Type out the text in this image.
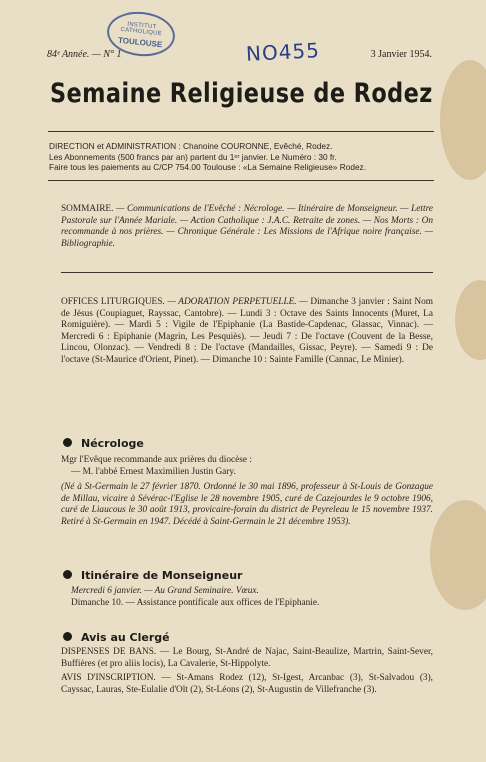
INSTITUT CATHOLIQUE
TOULOUSE	NO455
84ᵉ Année. — N° 1	3 Janvier 1954.
Semaine Religieuse de Rodez
DIRECTION et ADMINISTRATION : Chanoine COURONNE, Evêché, Rodez.
Les Abonnements (500 francs par an) partent du 1ᵉʳ janvier. Le Numéro : 30 fr.
Faire tous les paiements au C/CP 754.00 Toulouse : «La Semaine Religieuse» Rodez.
SOMMAIRE. — Communications de l'Evêché : Nécrologe. — Itinéraire de Monseigneur. — Lettre Pastorale sur l'Année Mariale. — Action Catholique : J.A.C. Retraite de zones. — Nos Morts : On recommande à nos prières. — Chronique Générale : Les Missions de l'Afrique noire française. — Bibliographie.
OFFICES LITURGIQUES. — ADORATION PERPETUELLE. — Dimanche 3 janvier : Saint Nom de Jésus (Coupiaguet, Rayssac, Cantobre). — Lundi 3 : Octave des Saints Innocents (Muret, La Romiguière). — Mardi 5 : Vigile de l'Epiphanie (La Bastide-Capdenac, Glassac, Vinnac). — Mercredi 6 : Epiphanie (Magrin, Les Pesquiès). — Jeudi 7 : De l'octave (Couvent de la Besse, Lincou, Olonzac). — Vendredi 8 : De l'octave (Mandailles, Gissac, Peyre). — Samedi 9 : De l'octave (St-Maurice d'Orient, Pinet). — Dimanche 10 : Sainte Famille (Cannac, Le Minier).
Nécrologe
Mgr l'Evêque recommande aux prières du diocèse :
— M. l'abbé Ernest Maximilien Justin Gary.
(Né à St-Germain le 27 février 1870. Ordonné le 30 mai 1896, professeur à St-Louis de Gonzague de Millau, vicaire à Sévérac-l'Eglise le 28 novembre 1905, curé de Cazejourdes le 9 octobre 1906, curé de Liaucous le 30 août 1913, provicaire-forain du district de Peyreleau le 15 novembre 1937. Retiré à St-Germain en 1947. Décédé à Saint-Germain le 21 décembre 1953).
Itinéraire de Monseigneur
Mercredi 6 janvier. — Au Grand Seminaire. Vœux.
Dimanche 10. — Assistance pontificale aux offices de l'Epiphanie.
Avis au Clergé
DISPENSES DE BANS. — Le Bourg, St-André de Najac, Saint-Beaulize, Martrin, Saint-Sever, Buffières (et pro aliis locis), La Cavalerie, St-Hippolyte.
AVIS D'INSCRIPTION. — St-Amans Rodez (12), St-Igest, Arcanbac (3), St-Salvadou (3), Cayssac, Lauras, Ste-Eulalie d'Olt (2), St-Léons (2), St-Augustin de Villefranche (3).
